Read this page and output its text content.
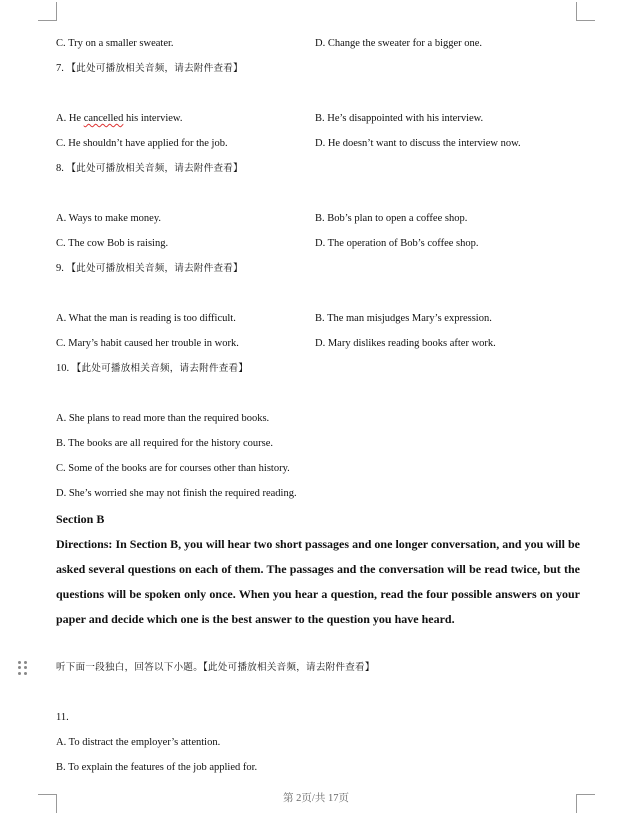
C. Try on a smaller sweater.	D. Change the sweater for a bigger one.
7. 【此处可播放相关音频，请去附件查看】
A. He cancelled his interview.	B. He’s disappointed with his interview.
C. He shouldn’t have applied for the job.	D. He doesn’t want to discuss the interview now.
8. 【此处可播放相关音频，请去附件查看】
A. Ways to make money.	B. Bob’s plan to open a coffee shop.
C. The cow Bob is raising.	D. The operation of Bob’s coffee shop.
9. 【此处可播放相关音频，请去附件查看】
A. What the man is reading is too difficult.	B. The man misjudges Mary’s expression.
C. Mary’s habit caused her trouble in work.	D. Mary dislikes reading books after work.
10. 【此处可播放相关音频，请去附件查看】
A. She plans to read more than the required books.
B. The books are all required for the history course.
C. Some of the books are for courses other than history.
D. She’s worried she may not finish the required reading.
Section B
Directions: In Section B, you will hear two short passages and one longer conversation, and you will be asked several questions on each of them. The passages and the conversation will be read twice, but the questions will be spoken only once. When you hear a question, read the four possible answers on your paper and decide which one is the best answer to the question you have heard.
听下面一段独白，回答以下小题。【此处可播放相关音频，请去附件查看】
11.
A. To distract the employer’s attention.
B. To explain the features of the job applied for.
第 2页/共 17页
